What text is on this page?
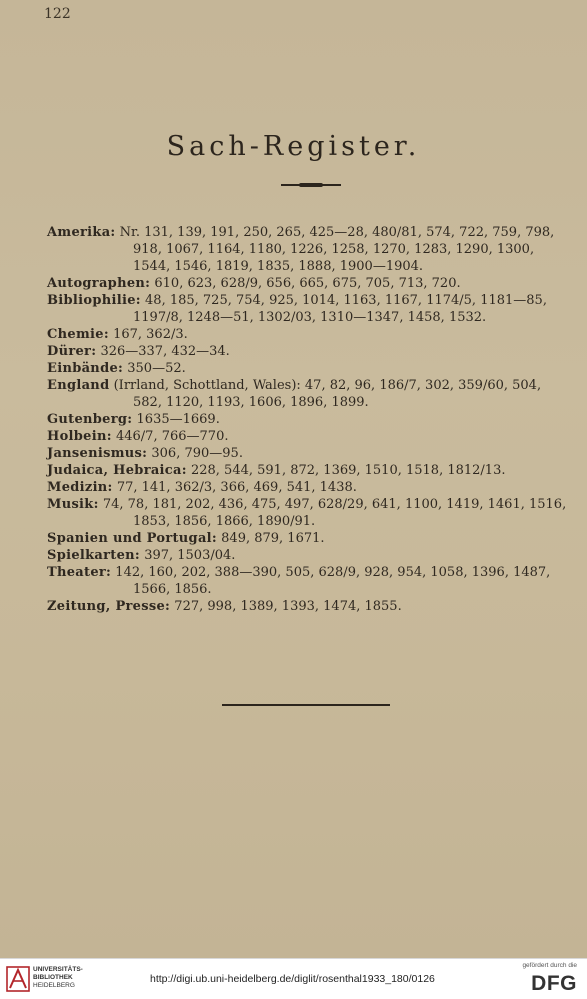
122
Sach-Register.

Amerika: Nr. 131, 139, 191, 250, 265, 425—28, 480/81, 574, 722, 759, 798, 918, 1067, 1164, 1180, 1226, 1258, 1270, 1283, 1290, 1300, 1544, 1546, 1819, 1835, 1888, 1900—1904.

Autographen: 610, 623, 628/9, 656, 665, 675, 705, 713, 720.

Bibliophilie: 48, 185, 725, 754, 925, 1014, 1163, 1167, 1174/5, 1181—85, 1197/8, 1248—51, 1302/03, 1310—1347, 1458, 1532.

Chemie: 167, 362/3.

Dürer: 326—337, 432—34.

Einbände: 350—52.

England (Irrland, Schottland, Wales): 47, 82, 96, 186/7, 302, 359/60, 504, 582, 1120, 1193, 1606, 1896, 1899.

Gutenberg: 1635—1669.

Holbein: 446/7, 766—770.

Jansenismus: 306, 790—95.

Judaica, Hebraica: 228, 544, 591, 872, 1369, 1510, 1518, 1812/13.

Medizin: 77, 141, 362/3, 366, 469, 541, 1438.

Musik: 74, 78, 181, 202, 436, 475, 497, 628/29, 641, 1100, 1419, 1461, 1516, 1853, 1856, 1866, 1890/91.

Spanien und Portugal: 849, 879, 1671.

Spielkarten: 397, 1503/04.

Theater: 142, 160, 202, 388—390, 505, 628/9, 928, 954, 1058, 1396, 1487, 1566, 1856.

Zeitung, Presse: 727, 998, 1389, 1393, 1474, 1855.

UNIVERSITÄTS-
BIBLIOTHEK
HEIDELBERG
http://digi.ub.uni-heidelberg.de/diglit/rosenthal1933_180/0126
gefördert durch die
DFG
